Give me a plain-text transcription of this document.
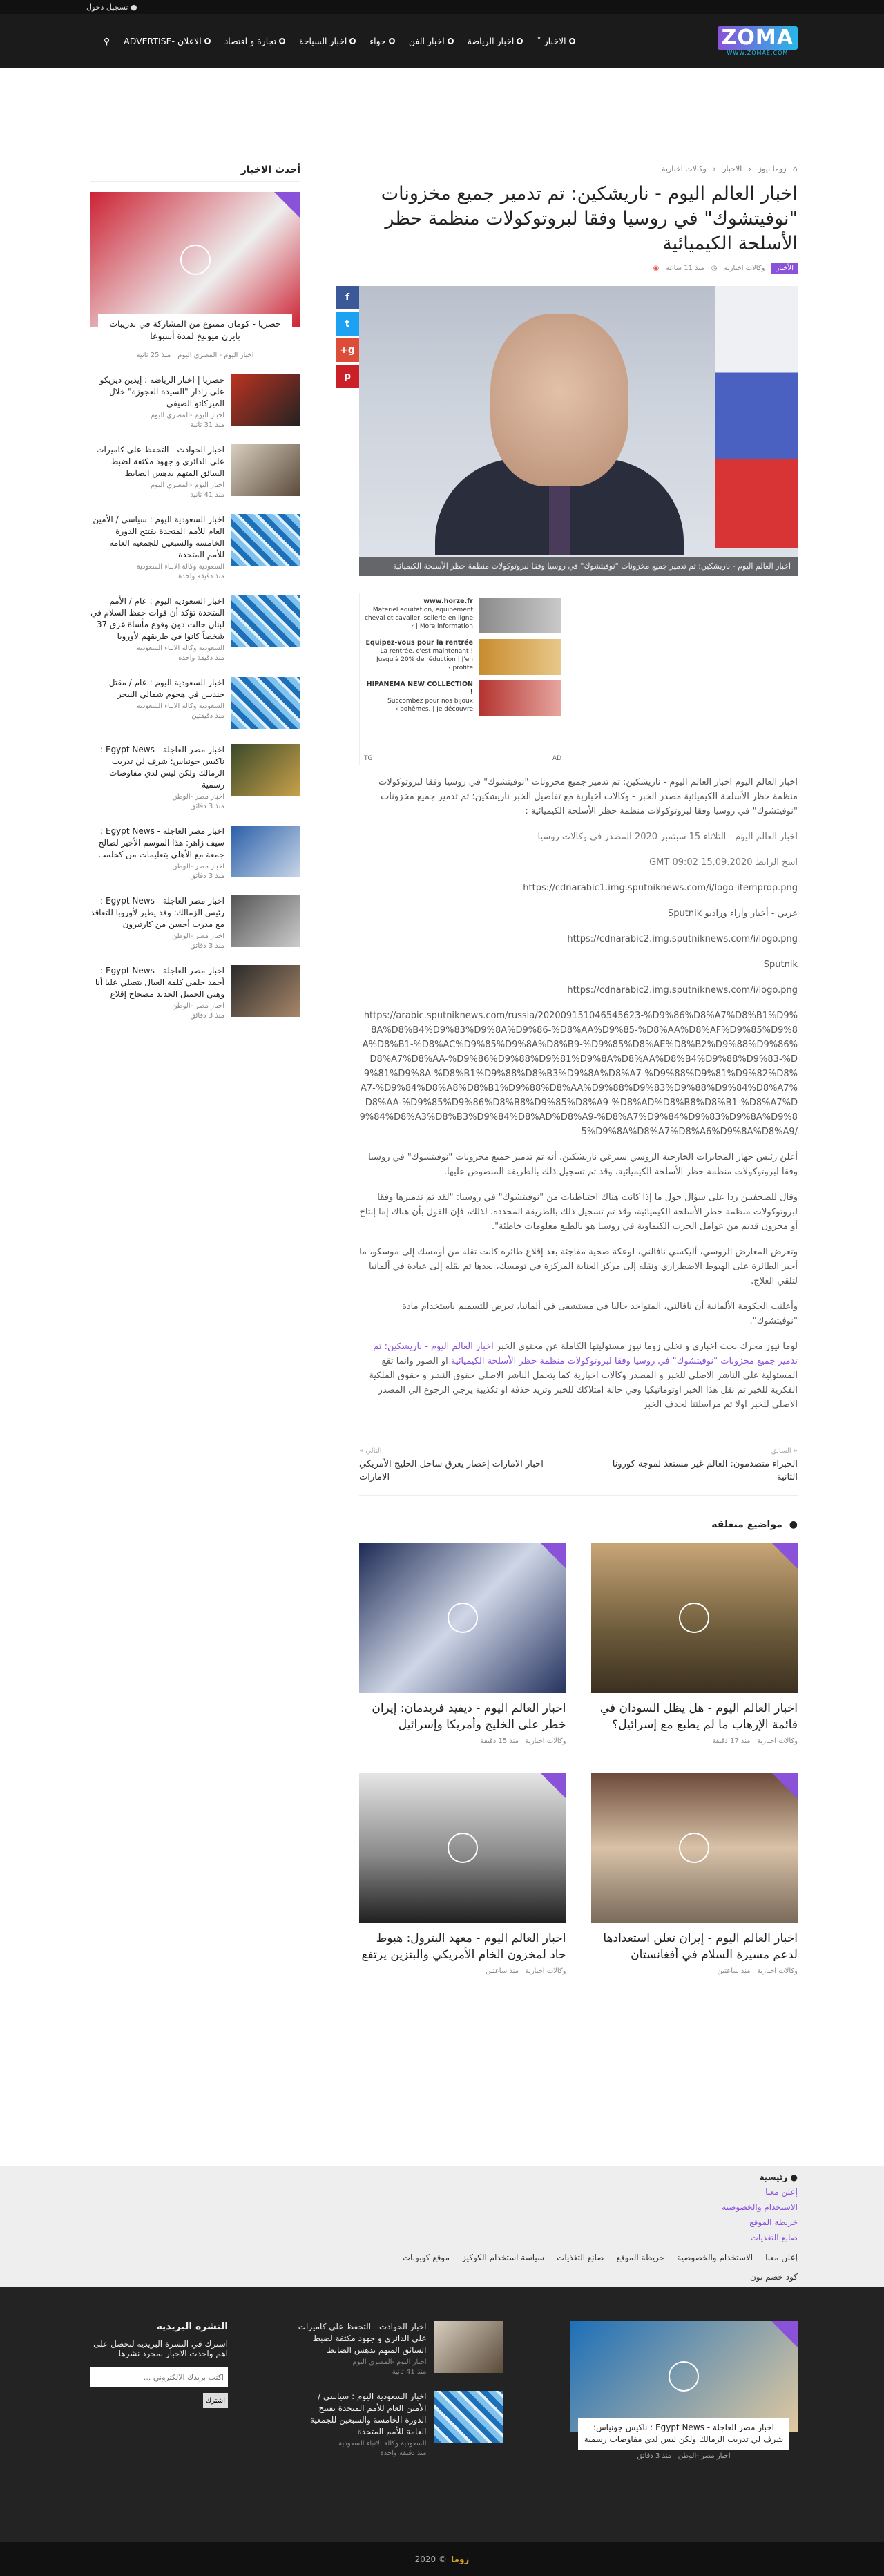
● تسجيل دخول
ZOMA
WWW.ZOMAE.COM
الاخبار
˅
اخبار الرياضة
اخبار الفن
حواء
اخبار السياحة
تجارة و اقتصاد
الاعلان -ADVERTISE
⚲
⌂ زوما نيوز ‹ الاخبار ‹ وكالات اخبارية
اخبار العالم اليوم - ناريشكين: تم تدمير جميع مخزونات "نوفيتشوك" في روسيا وفقا لبروتوكولات منظمة حظر الأسلحة الكيميائية
الأخبار
وكالات اخبارية
◷
منذ 11 ساعة
◉
f
t
g+
p
اخبار العالم اليوم - ناريشكين: تم تدمير جميع مخزونات "نوفيتشوك" في روسيا وفقا لبروتوكولات منظمة حظر الأسلحة الكيميائية
www.horze.fr
Materiel equitation, equipement cheval et cavalier, sellerie en ligne | More information ›
Equipez-vous pour la rentrée
La rentrée, c'est maintenant ! Jusqu'à 20% de réduction | J'en profite ›
HIPANEMA NEW COLLECTION !
Succombez pour nos bijoux bohèmes. | Je découvre ›
AD
TG

اخبار العالم اليوم اخبار العالم اليوم - ناريشكين: تم تدمير جميع مخزونات "نوفيتشوك" في روسيا وفقا لبروتوكولات منظمة حظر الأسلحة الكيميائية مصدر الخبر - وكالات اخبارية مع تفاصيل الخبر ناريشكين: تم تدمير جميع مخزونات "نوفيتشوك" في روسيا وفقا لبروتوكولات منظمة حظر الأسلحة الكيميائية :

اخبار العالم اليوم - الثلاثاء 15 سبتمبر 2020 المصدر في وكالات روسيا

اسخ الرابط GMT 09:02 15.09.2020

https://cdnarabic1.img.sputniknews.com/i/logo-itemprop.png

عربي - أخبار وآراء وراديو Sputnik

https://cdnarabic2.img.sputniknews.com/i/logo.png

Sputnik

https://cdnarabic2.img.sputniknews.com/i/logo.png

https://arabic.sputniknews.com/russia/202009151046545623-%D9%86%D8%A7%D8%B1%D9%8A%D8%B4%D9%83%D9%8A%D9%86-%D8%AA%D9%85-%D8%AA%D8%AF%D9%85%D9%8A%D8%B1-%D8%AC%D9%85%D9%8A%D8%B9-%D9%85%D8%AE%D8%B2%D9%88%D9%86%D8%A7%D8%AA-%D9%86%D9%88%D9%81%D9%8A%D8%AA%D8%B4%D9%88%D9%83-%D9%81%D9%8A-%D8%B1%D9%88%D8%B3%D9%8A%D8%A7-%D9%88%D9%81%D9%82%D8%A7-%D9%84%D8%A8%D8%B1%D9%88%D8%AA%D9%88%D9%83%D9%88%D9%84%D8%A7%D8%AA-%D9%85%D9%86%D8%B8%D9%85%D8%A9-%D8%AD%D8%B8%D8%B1-%D8%A7%D9%84%D8%A3%D8%B3%D9%84%D8%AD%D8%A9-%D8%A7%D9%84%D9%83%D9%8A%D9%85%D9%8A%D8%A7%D8%A6%D9%8A%D8%A9/

أعلن رئيس جهاز المخابرات الخارجية الروسي سيرغي ناريشكين، أنه تم تدمير جميع مخزونات "نوفيتشوك" في روسيا وفقا لبروتوكولات منظمة حظر الأسلحة الكيميائية، وقد تم تسجيل ذلك بالطريقة المنصوص عليها.

وقال للصحفيين ردا على سؤال حول ما إذا كانت هناك احتياطيات من "نوفيتشوك" في روسيا: "لقد تم تدميرها وفقا لبروتوكولات منظمة حظر الأسلحة الكيميائية، وقد تم تسجيل ذلك بالطريقة المحددة. لذلك، فإن القول بأن هناك إما إنتاج أو مخزون قديم من عوامل الحرب الكيماوية في روسيا هو بالطبع معلومات خاطئة".

وتعرض المعارض الروسي، أليكسي نافالني، لوعكة صحية مفاجئة بعد إقلاع طائرة كانت تقله من أومسك إلى موسكو، ما أجبر الطائرة على الهبوط الاضطراري ونقله إلى مركز العناية المركزة في تومسك، بعدها تم نقله إلى عيادة في ألمانيا لتلقي العلاج.

وأعلنت الحكومة الألمانية أن نافالني، المتواجد حاليا في مستشفى في ألمانيا، تعرض للتسميم باستخدام مادة "نوفيتشوك".

لوما نيوز محرك بحث اخباري و تخلي زوما نيوز مسئوليتها الكاملة عن محتوي الخبر اخبار العالم اليوم - ناريشكين: تم تدمير جميع مخزونات "نوفيتشوك" في روسيا وفقا لبروتوكولات منظمة حظر الأسلحة الكيميائية او الصور وانما تقع المسئولية على الناشر الاصلي للخبر و المصدر وكالات اخبارية كما يتحمل الناشر الاصلي حقوق النشر و حقوق الملكية الفكرية للخبر تم نقل هذا الخبر اوتوماتيكيا وفي حالة امتلاكك للخبر وتريد حذفة او تكذيبة يرجي الرجوع الي المصدر الاصلي للخبر اولا ثم مراسلتنا لحذف الخبر

« السابق
الخبراء متصدمون: العالم غير مستعد لموجة كورونا الثانية
التالي »
اخبار الامارات إعصار يغرق ساحل الخليج الأمريكي الامارات
●
مواضيع متعلقة
اخبار العالم اليوم - هل يظل السودان في قائمة الإرهاب ما لم يطبع مع إسرائيل؟
وكالات اخبارية   منذ 17 دقيقة
اخبار العالم اليوم - ديفيد فريدمان: إيران خطر على الخليج وأمريكا وإسرائيل
وكالات اخبارية   منذ 15 دقيقة
اخبار العالم اليوم - إيران تعلن استعدادها لدعم مسيرة السلام في أفغانستان
وكالات اخبارية   منذ ساعتين
اخبار العالم اليوم - معهد البترول: هبوط حاد لمخزون الخام الأمريكي والبنزين يرتفع
وكالات اخبارية   منذ ساعتين
أحدث الاخبار
حصريا - كومان ممنوع من المشاركة في تدريبات بايرن ميونيخ لمدة أسبوعا
اخبار اليوم - المصري اليوم
منذ 25 ثانية
حصريا | اخبار الرياضة : إيدين ديزيكو على رادار "السيدة العجوزة" خلال الميركاتو الصيفي
اخبار اليوم -المصري اليوم
منذ 31 ثانية
اخبار الحوادث - التحفظ على كاميرات على الدائري و جهود مكثفة لضبط السائق المتهم بدهس الضابط
اخبار اليوم -المصري اليوم
منذ 41 ثانية
اخبار السعودية اليوم : سياسي / الأمين العام للأمم المتحدة يفتتح الدورة الخامسة والسبعين للجمعية العامة للأمم المتحدة
السعودية وكالة الانباء السعودية
منذ دقيقة واحدة
اخبار السعودية اليوم : عام / الأمم المتحدة تؤكد أن قوات حفظ السلام في لبنان حالت دون وقوع مأساة غرق 37 شخصاً كانوا في طريقهم لأوروبا
السعودية وكالة الانباء السعودية
منذ دقيقة واحدة
اخبار السعودية اليوم : عام / مقتل جنديين في هجوم شمالي النيجر
السعودية وكالة الانباء السعودية
منذ دقيقتين
اخبار مصر العاجلة - Egypt News : ناكيس جونياس: شرف لي تدريب الزمالك ولكن ليس لدي مفاوضات رسمية
اخبار مصر -الوطن
منذ 3 دقائق
اخبار مصر العاجلة - Egypt News : سيف زاهر: هذا الموسم الأخير لصالح جمعة مع الأهلي بتعليمات من كحلمب
اخبار مصر -الوطن
منذ 3 دقائق
اخبار مصر العاجلة - Egypt News : رئيس الزمالك: وقد يطير لأوروبا للتعاقد مع مدرب أحسن من كارتيرون
اخبار مصر -الوطن
منذ 3 دقائق
اخبار مصر العاجلة - Egypt News : أحمد حلمي كلمة العيال بتصلي عليا أنا وهني الجميل الجديد مصحاح إقلاع
اخبار مصر -الوطن
منذ 3 دقائق
● رئيسية
إعلن معنا
الاستخدام والخصوصية
خريطة الموقع
صانع التغذيات
إعلن معنا
الاستخدام والخصوصية
خريطة الموقع
صانع التغذيات
سياسة استخدام الكوكيز
موقع كوبونات
كود خصم نون
اخبار مصر العاجلة - Egypt News : ناكيس جونياس: شرف لي تدريب الزمالك ولكن ليس لدي مفاوضات رسمية
اخبار مصر -الوطن   منذ 3 دقائق
اخبار الحوادث - التحفظ على كاميرات على الدائري و جهود مكثفة لضبط السائق المتهم بدهس الضابط
اخبار اليوم -المصري اليوم
منذ 41 ثانية
اخبار السعودية اليوم : سياسي / الأمين العام للأمم المتحدة يفتتح الدورة الخامسة والسبعين للجمعية العامة للأمم المتحدة
السعودية وكالة الانباء السعودية
منذ دقيقة واحدة
النشرة البريدية

اشترك في النشرة البريدية لتحصل على اهم واحدث الاخبار بمجرد نشرها

اكتب بريدك الالكتروني ...
اشترك
زوما
© 2020
